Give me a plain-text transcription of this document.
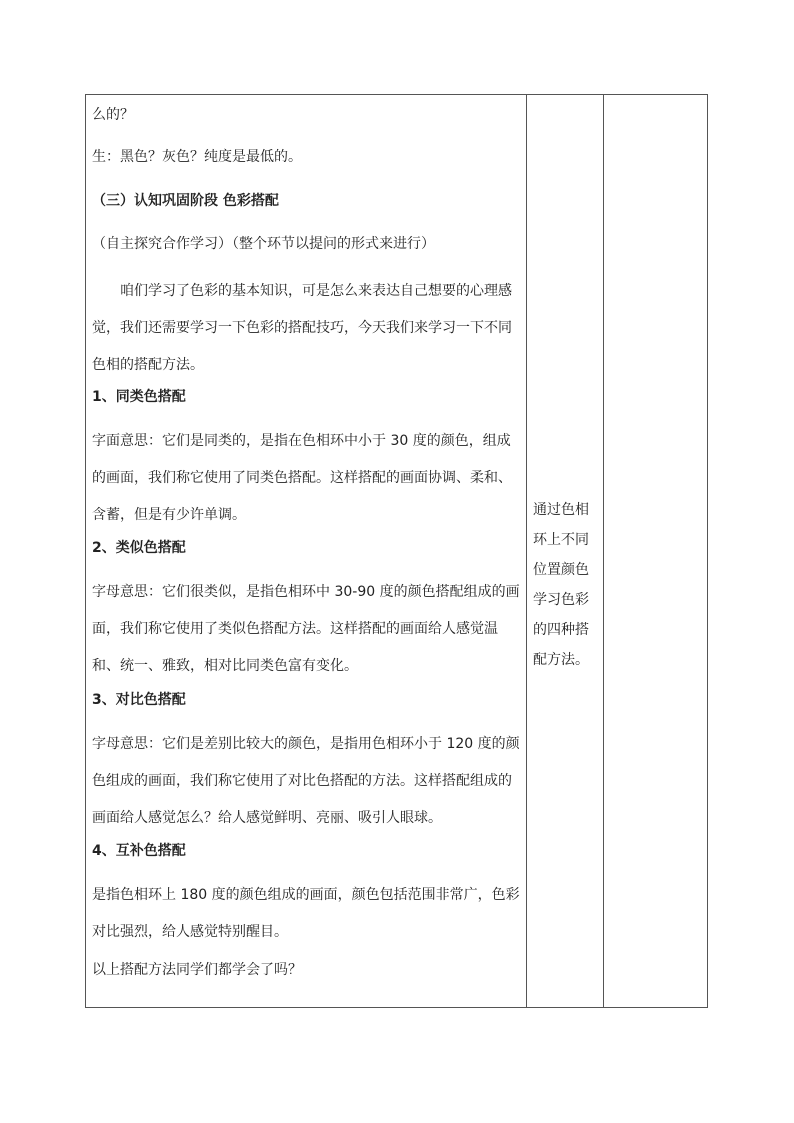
么的？

生：黑色？灰色？纯度是最低的。

（三）认知巩固阶段 色彩搭配

（自主探究合作学习）（整个环节以提问的形式来进行）

咱们学习了色彩的基本知识，可是怎么来表达自己想要的心理感觉，我们还需要学习一下色彩的搭配技巧，今天我们来学习一下不同色相的搭配方法。

1、同类色搭配

字面意思：它们是同类的，是指在色相环中小于 30 度的颜色，组成的画面，我们称它使用了同类色搭配。这样搭配的画面协调、柔和、含蓄，但是有少许单调。

2、类似色搭配

字母意思：它们很类似，是指色相环中 30-90 度的颜色搭配组成的画面，我们称它使用了类似色搭配方法。这样搭配的画面给人感觉温和、统一、雅致，相对比同类色富有变化。

3、对比色搭配

字母意思：它们是差别比较大的颜色，是指用色相环小于 120 度的颜色组成的画面，我们称它使用了对比色搭配的方法。这样搭配组成的画面给人感觉怎么？给人感觉鲜明、亮丽、吸引人眼球。

4、互补色搭配

是指色相环上 180 度的颜色组成的画面，颜色包括范围非常广，色彩对比强烈，给人感觉特别醒目。

以上搭配方法同学们都学会了吗？

通过色相
环上不同
位置颜色
学习色彩
的四种搭
配方法。
